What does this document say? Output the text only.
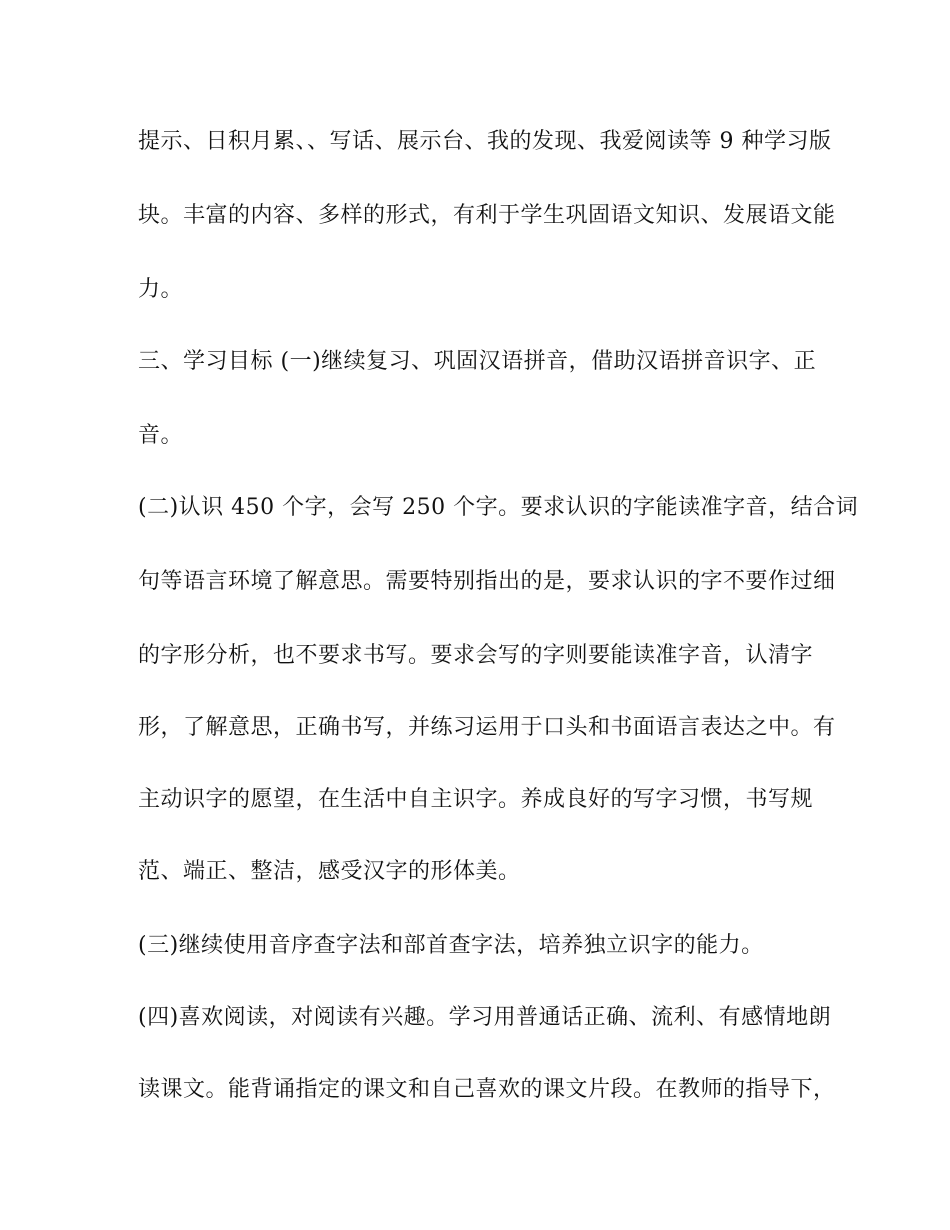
提示、日积月累、、写话、展示台、我的发现、我爱阅读等 9 种学习版
块。丰富的内容、多样的形式，有利于学生巩固语文知识、发展语文能
力。
三、学习目标 (一)继续复习、巩固汉语拼音，借助汉语拼音识字、正
音。
(二)认识 450 个字，会写 250 个字。要求认识的字能读准字音，结合词
句等语言环境了解意思。需要特别指出的是，要求认识的字不要作过细
的字形分析，也不要求书写。要求会写的字则要能读准字音，认清字
形，了解意思，正确书写，并练习运用于口头和书面语言表达之中。有
主动识字的愿望，在生活中自主识字。养成良好的写字习惯，书写规
范、端正、整洁，感受汉字的形体美。
(三)继续使用音序查字法和部首查字法，培养独立识字的能力。
(四)喜欢阅读，对阅读有兴趣。学习用普通话正确、流利、有感情地朗
读课文。能背诵指定的课文和自己喜欢的课文片段。在教师的指导下，
